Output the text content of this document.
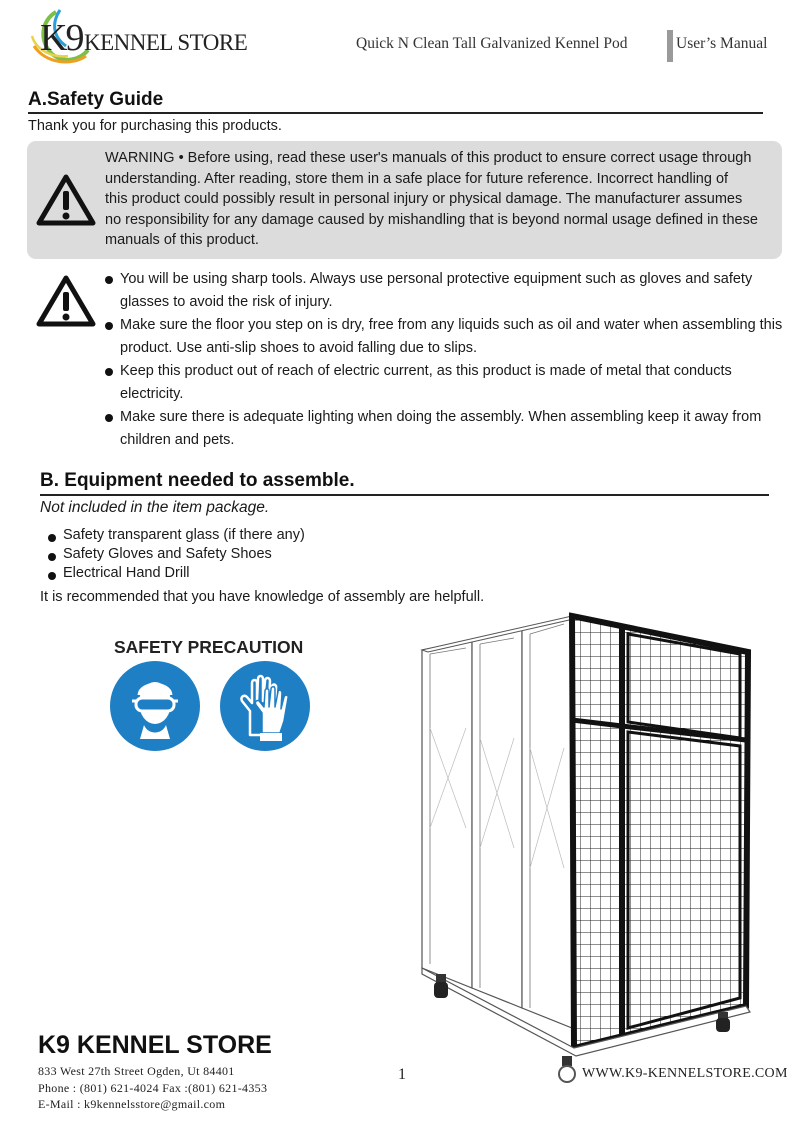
K9 KENNEL STORE	Quick N Clean Tall Galvanized Kennel Pod	User’s Manual
A.Safety Guide
Thank you for purchasing this products.
WARNING • Before using, read these user's manuals of this product to ensure correct usage through
understanding. After reading, store them in a safe place for future reference. Incorrect handling of
this product could possibly result in personal injury or physical damage. The manufacturer assumes
no responsibility for any damage caused by mishandling that is beyond normal usage defined in these
manuals of this product.
You will be using sharp tools. Always use personal protective equipment such as gloves and safety glasses to avoid the risk of injury.
Make sure the floor you step on is dry, free from any liquids such as oil and water when assembling this product. Use anti-slip shoes to avoid falling due to slips.
Keep this product out of reach of electric current, as this product is made of metal that conducts electricity.
Make sure there is adequate lighting when doing the assembly. When assembling keep it away from children and pets.
B. Equipment needed to assemble.
Not included in the item package.
Safety transparent glass (if there any)
Safety Gloves and Safety Shoes
Electrical Hand Drill
It is recommended that you have knowledge of assembly are helpfull.
SAFETY PRECAUTION
K9 KENNEL STORE
833 West 27th Street Ogden, Ut 84401
Phone : (801) 621-4024 Fax :(801) 621-4353
E-Mail : k9kennelsstore@gmail.com
1	WWW.K9-KENNELSTORE.COM
